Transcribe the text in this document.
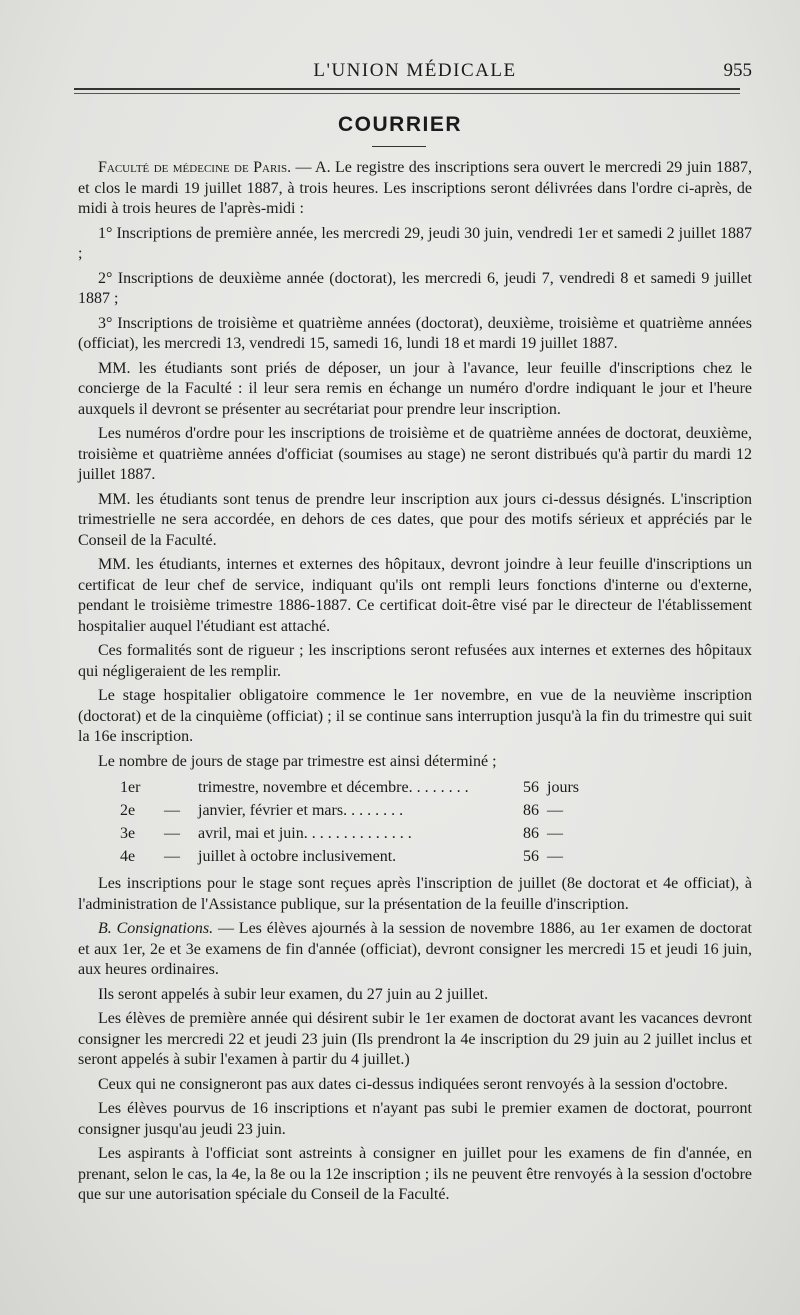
L'UNION MÉDICALE	955
COURRIER

Faculté de médecine de Paris. — A. Le registre des inscriptions sera ouvert le mercredi 29 juin 1887, et clos le mardi 19 juillet 1887, à trois heures. Les inscriptions seront délivrées dans l'ordre ci-après, de midi à trois heures de l'après-midi :

1° Inscriptions de première année, les mercredi 29, jeudi 30 juin, vendredi 1er et samedi 2 juillet 1887 ;

2° Inscriptions de deuxième année (doctorat), les mercredi 6, jeudi 7, vendredi 8 et samedi 9 juillet 1887 ;

3° Inscriptions de troisième et quatrième années (doctorat), deuxième, troisième et quatrième années (officiat), les mercredi 13, vendredi 15, samedi 16, lundi 18 et mardi 19 juillet 1887.

MM. les étudiants sont priés de déposer, un jour à l'avance, leur feuille d'inscriptions chez le concierge de la Faculté : il leur sera remis en échange un numéro d'ordre indiquant le jour et l'heure auxquels il devront se présenter au secrétariat pour prendre leur inscription.

Les numéros d'ordre pour les inscriptions de troisième et de quatrième années de doctorat, deuxième, troisième et quatrième années d'officiat (soumises au stage) ne seront distribués qu'à partir du mardi 12 juillet 1887.

MM. les étudiants sont tenus de prendre leur inscription aux jours ci-dessus désignés. L'inscription trimestrielle ne sera accordée, en dehors de ces dates, que pour des motifs sérieux et appréciés par le Conseil de la Faculté.

MM. les étudiants, internes et externes des hôpitaux, devront joindre à leur feuille d'inscriptions un certificat de leur chef de service, indiquant qu'ils ont rempli leurs fonctions d'interne ou d'externe, pendant le troisième trimestre 1886-1887. Ce certificat doit-être visé par le directeur de l'établissement hospitalier auquel l'étudiant est attaché.

Ces formalités sont de rigueur ; les inscriptions seront refusées aux internes et externes des hôpitaux qui négligeraient de les remplir.

Le stage hospitalier obligatoire commence le 1er novembre, en vue de la neuvième inscription (doctorat) et de la cinquième (officiat) ; il se continue sans interruption jusqu'à la fin du trimestre qui suit la 16e inscription.

Le nombre de jours de stage par trimestre est ainsi déterminé ;

1er		trimestre, novembre et décembre. . . . . . . .	56	jours
2e	—	janvier, février et mars. . . . . . . .	86	—
3e	—	avril, mai et juin. . . . . . . . . . . . . .	86	—
4e	—	juillet à octobre inclusivement.	56	—

Les inscriptions pour le stage sont reçues après l'inscription de juillet (8e doctorat et 4e officiat), à l'administration de l'Assistance publique, sur la présentation de la feuille d'inscription.

B. Consignations. — Les élèves ajournés à la session de novembre 1886, au 1er examen de doctorat et aux 1er, 2e et 3e examens de fin d'année (officiat), devront consigner les mercredi 15 et jeudi 16 juin, aux heures ordinaires.

Ils seront appelés à subir leur examen, du 27 juin au 2 juillet.

Les élèves de première année qui désirent subir le 1er examen de doctorat avant les vacances devront consigner les mercredi 22 et jeudi 23 juin (Ils prendront la 4e inscription du 29 juin au 2 juillet inclus et seront appelés à subir l'examen à partir du 4 juillet.)

Ceux qui ne consigneront pas aux dates ci-dessus indiquées seront renvoyés à la session d'octobre.

Les élèves pourvus de 16 inscriptions et n'ayant pas subi le premier examen de doctorat, pourront consigner jusqu'au jeudi 23 juin.

Les aspirants à l'officiat sont astreints à consigner en juillet pour les examens de fin d'année, en prenant, selon le cas, la 4e, la 8e ou la 12e inscription ; ils ne peuvent être renvoyés à la session d'octobre que sur une autorisation spéciale du Conseil de la Faculté.
